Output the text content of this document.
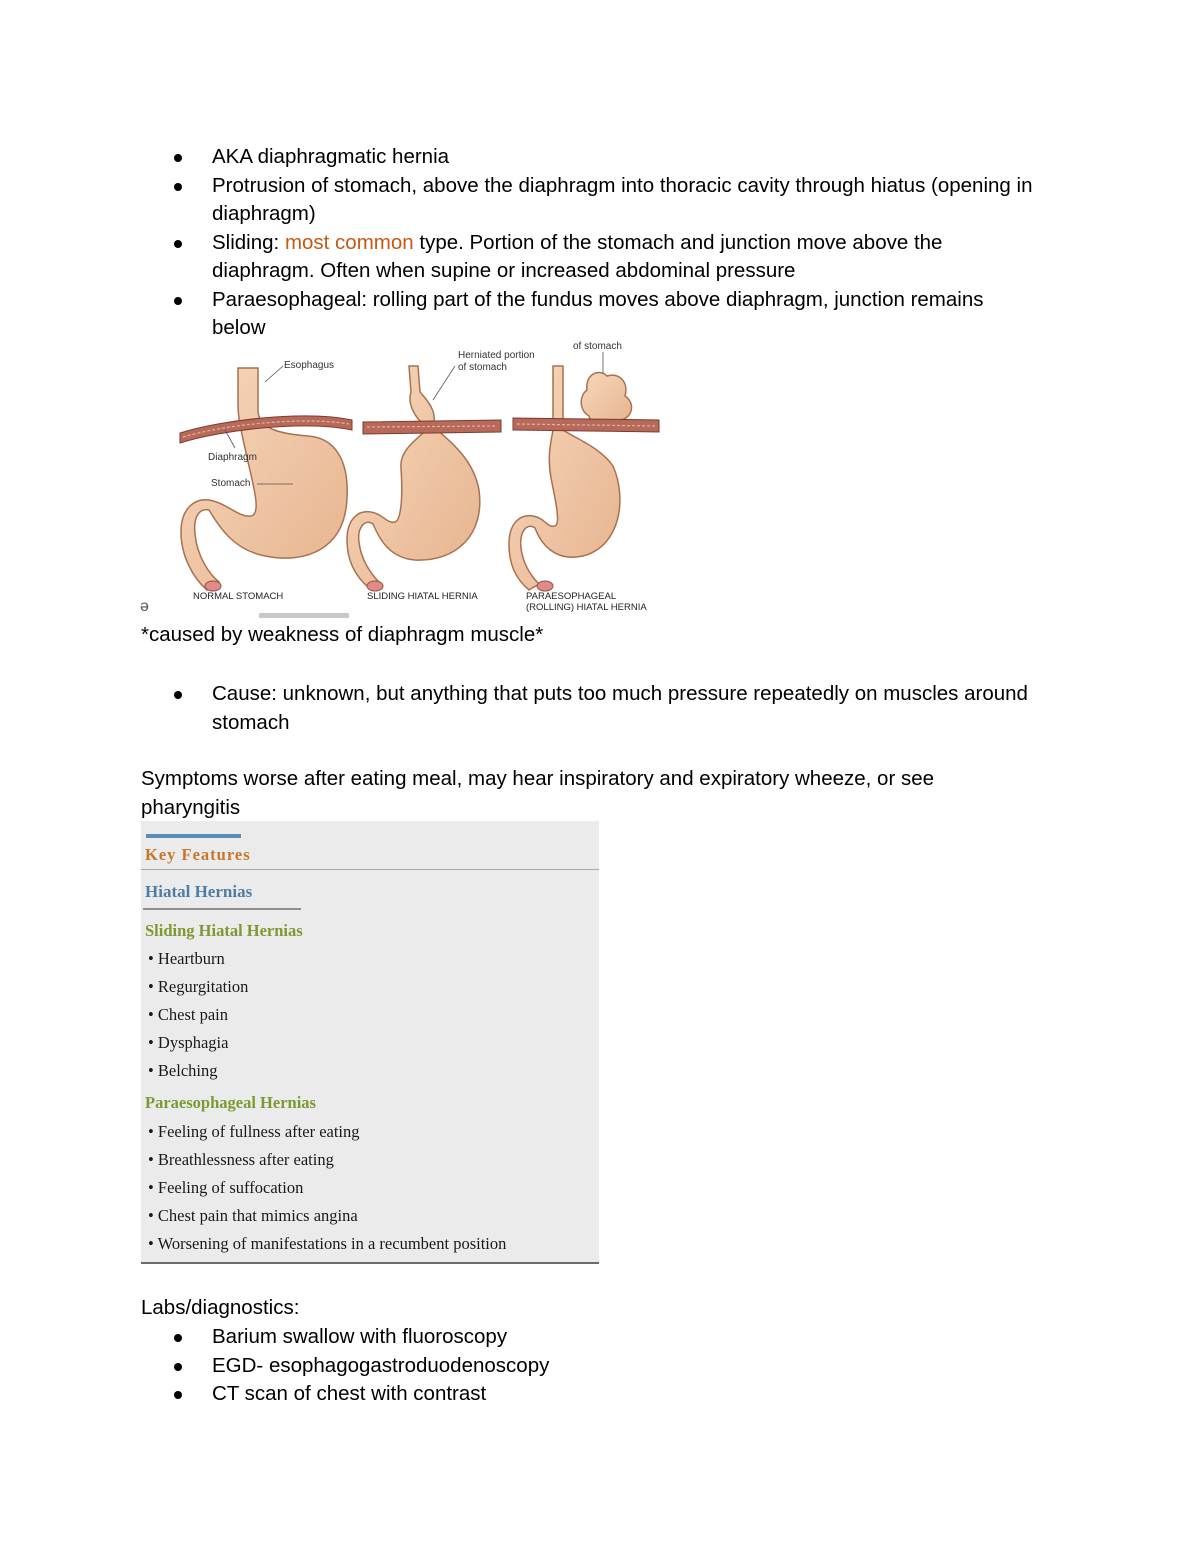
AKA diaphragmatic hernia
Protrusion of stomach, above the diaphragm into thoracic cavity through hiatus (opening in diaphragm)
Sliding: most common type. Portion of the stomach and junction move above the diaphragm. Often when supine or increased abdominal pressure
Paraesophageal: rolling part of the fundus moves above diaphragm, junction remains below
Esophagus
Diaphragm
Stomach
Herniated portion
of stomach
of stomach
NORMAL STOMACH	SLIDING HIATAL HERNIA	PARAESOPHAGEAL
(ROLLING) HIATAL HERNIA
ə
*caused by weakness of diaphragm muscle*
Cause: unknown, but anything that puts too much pressure repeatedly on muscles around stomach
Symptoms worse after eating meal, may hear inspiratory and expiratory wheeze, or see pharyngitis
Key Features
Hiatal Hernias
Sliding Hiatal Hernias
• Heartburn
• Regurgitation
• Chest pain
• Dysphagia
• Belching
Paraesophageal Hernias
• Feeling of fullness after eating
• Breathlessness after eating
• Feeling of suffocation
• Chest pain that mimics angina
• Worsening of manifestations in a recumbent position
Labs/diagnostics:
Barium swallow with fluoroscopy
EGD- esophagogastroduodenoscopy
CT scan of chest with contrast
